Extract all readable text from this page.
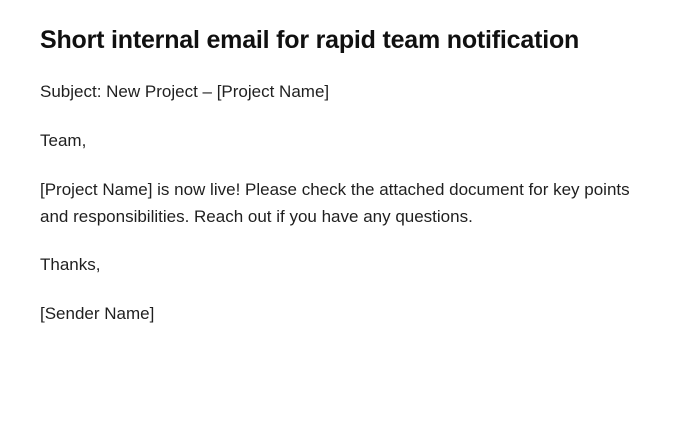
Short internal email for rapid team notification

Subject: New Project – [Project Name]

Team,

[Project Name] is now live! Please check the attached document for key points and responsibilities. Reach out if you have any questions.

Thanks,

[Sender Name]
